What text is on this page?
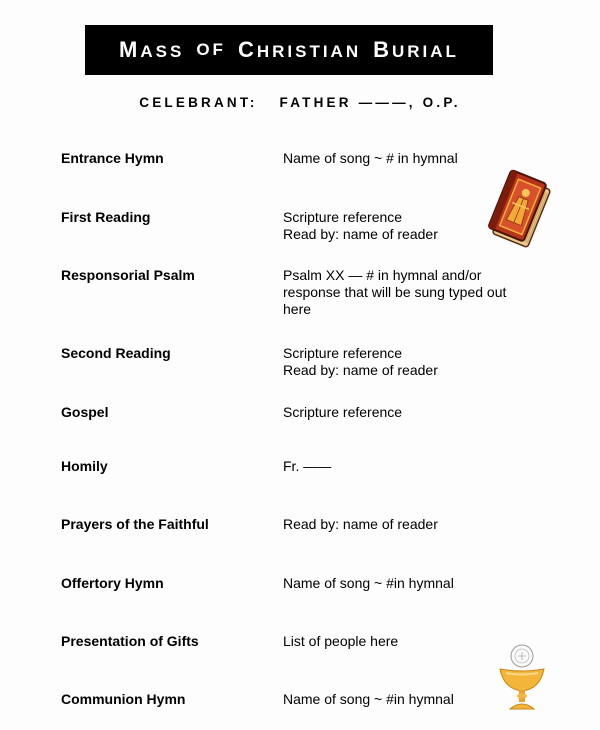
MASS OF CHRISTIAN BURIAL
CELEBRANT: FATHER ———, O.P.
Entrance Hymn	Name of song ~ # in hymnal
First Reading	Scripture reference
Read by: name of reader
Responsorial Psalm	Psalm XX — # in hymnal and/or
response that will be sung typed out
here
Second Reading	Scripture reference
Read by: name of reader
Gospel	Scripture reference
Homily	Fr. ——
Prayers of the Faithful	Read by: name of reader
Offertory Hymn	Name of song ~ #in hymnal
Presentation of Gifts	List of people here
Communion Hymn	Name of song ~ #in hymnal
